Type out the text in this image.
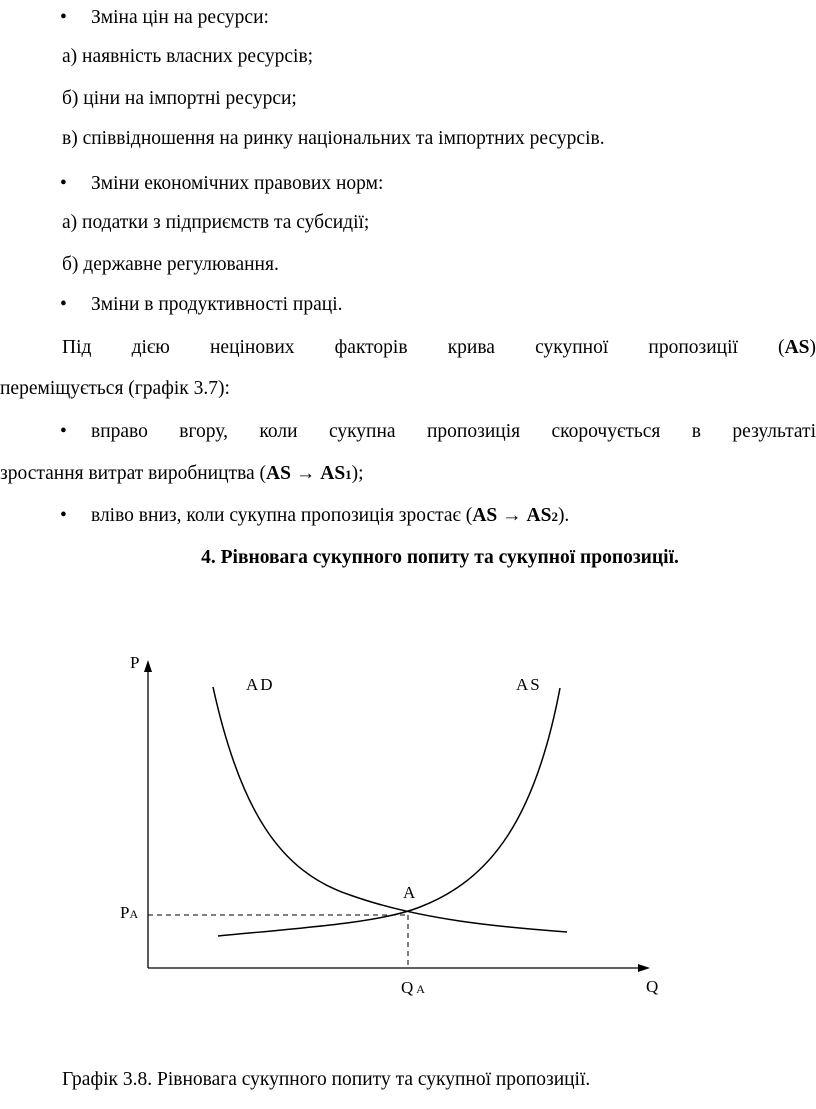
• Зміна цін на ресурси:
а) наявність власних ресурсів;
б) ціни на імпортні ресурси;
в) співвідношення на ринку національних та імпортних ресурсів.
• Зміни економічних правових норм:
а) податки з підприємств та субсидії;
б) державне регулювання.
• Зміни в продуктивності праці.
Під дією нецінових факторів крива сукупної пропозиції (AS)
переміщується (графік 3.7):
• вправо вгору, коли сукупна пропозиція скорочується в результаті
зростання витрат виробництва (AS → AS1);
• вліво вниз, коли сукупна пропозиція зростає (AS → AS2).
4. Рівновага сукупного попиту та сукупної пропозиції.
P
Q
AD	AS
A
PA
Q A
Графік 3.8. Рівновага сукупного попиту та сукупної пропозиції.
